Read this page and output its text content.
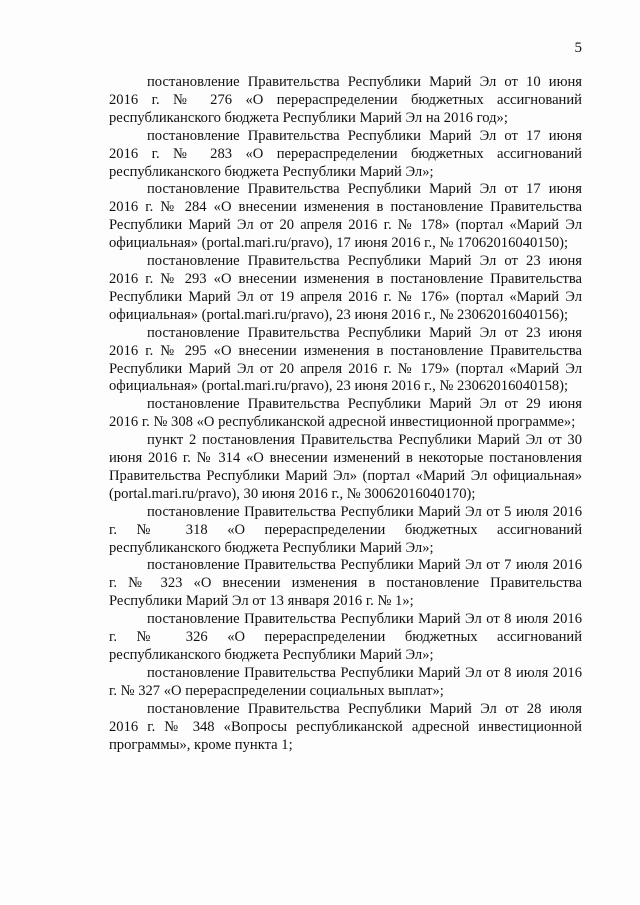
5

постановление Правительства Республики Марий Эл от 10 июня 2016 г. № 276 «О перераспределении бюджетных ассигнований республиканского бюджета Республики Марий Эл на 2016 год»;

постановление Правительства Республики Марий Эл от 17 июня 2016 г. № 283 «О перераспределении бюджетных ассигнований республиканского бюджета Республики Марий Эл»;

постановление Правительства Республики Марий Эл от 17 июня 2016 г. № 284 «О внесении изменения в постановление Правительства Республики Марий Эл от 20 апреля 2016 г. № 178» (портал «Марий Эл официальная» (portal.mari.ru/pravo), 17 июня 2016 г., № 17062016040150);

постановление Правительства Республики Марий Эл от 23 июня 2016 г. № 293 «О внесении изменения в постановление Правительства Республики Марий Эл от 19 апреля 2016 г. № 176» (портал «Марий Эл официальная» (portal.mari.ru/pravo), 23 июня 2016 г., № 23062016040156);

постановление Правительства Республики Марий Эл от 23 июня 2016 г. № 295 «О внесении изменения в постановление Правительства Республики Марий Эл от 20 апреля 2016 г. № 179» (портал «Марий Эл официальная» (portal.mari.ru/pravo), 23 июня 2016 г., № 23062016040158);

постановление Правительства Республики Марий Эл от 29 июня 2016 г. № 308 «О республиканской адресной инвестиционной программе»;

пункт 2 постановления Правительства Республики Марий Эл от 30 июня 2016 г. № 314 «О внесении изменений в некоторые постановления Правительства Республики Марий Эл» (портал «Марий Эл официальная» (portal.mari.ru/pravo), 30 июня 2016 г., № 30062016040170);

постановление Правительства Республики Марий Эл от 5 июля 2016 г. № 318 «О перераспределении бюджетных ассигнований республиканского бюджета Республики Марий Эл»;

постановление Правительства Республики Марий Эл от 7 июля 2016 г. № 323 «О внесении изменения в постановление Правительства Республики Марий Эл от 13 января 2016 г. № 1»;

постановление Правительства Республики Марий Эл от 8 июля 2016 г. № 326 «О перераспределении бюджетных ассигнований республиканского бюджета Республики Марий Эл»;

постановление Правительства Республики Марий Эл от 8 июля 2016 г. № 327 «О перераспределении социальных выплат»;

постановление Правительства Республики Марий Эл от 28 июля 2016 г. № 348 «Вопросы республиканской адресной инвестиционной программы», кроме пункта 1;
